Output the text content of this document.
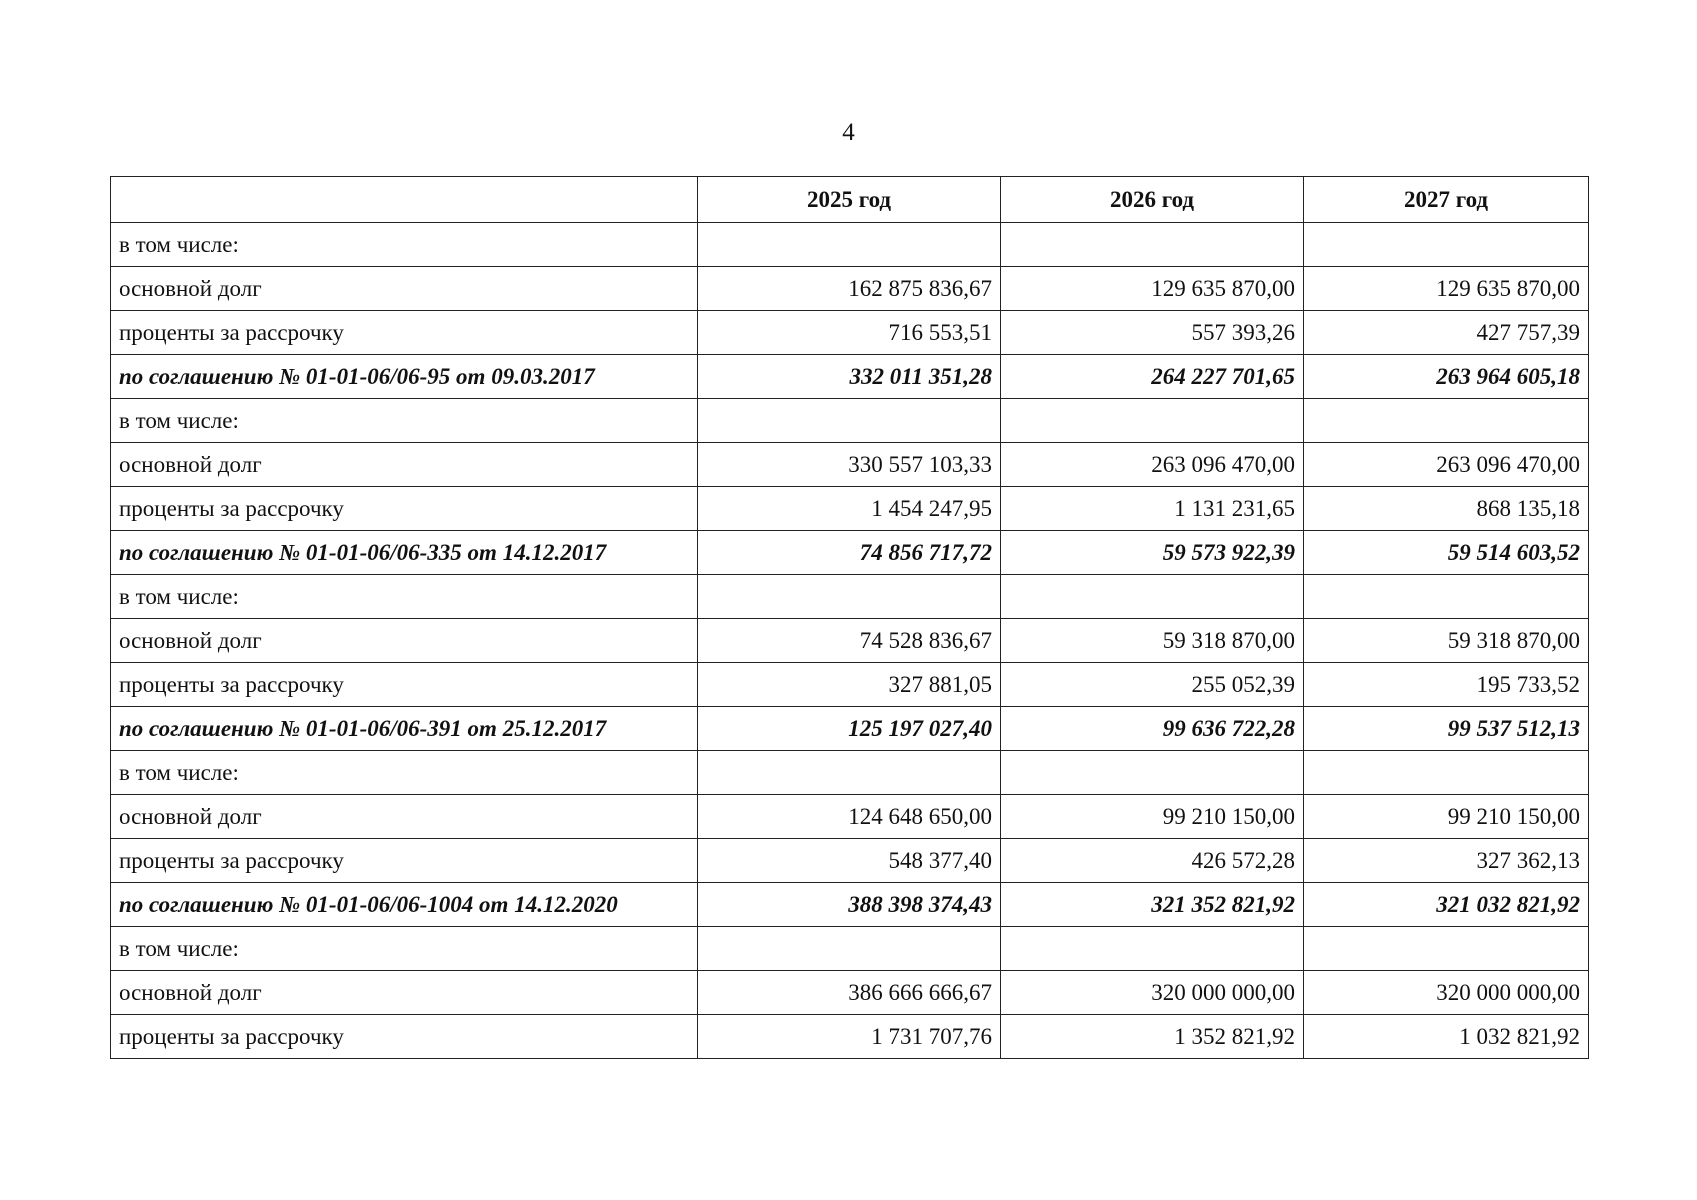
4
	2025 год	2026 год	2027 год
в том числе:			
основной долг	162 875 836,67	129 635 870,00	129 635 870,00
проценты за рассрочку	716 553,51	557 393,26	427 757,39
по соглашению № 01-01-06/06-95 от 09.03.2017	332 011 351,28	264 227 701,65	263 964 605,18
в том числе:			
основной долг	330 557 103,33	263 096 470,00	263 096 470,00
проценты за рассрочку	1 454 247,95	1 131 231,65	868 135,18
по соглашению № 01-01-06/06-335 от 14.12.2017	74 856 717,72	59 573 922,39	59 514 603,52
в том числе:			
основной долг	74 528 836,67	59 318 870,00	59 318 870,00
проценты за рассрочку	327 881,05	255 052,39	195 733,52
по соглашению № 01-01-06/06-391 от 25.12.2017	125 197 027,40	99 636 722,28	99 537 512,13
в том числе:			
основной долг	124 648 650,00	99 210 150,00	99 210 150,00
проценты за рассрочку	548 377,40	426 572,28	327 362,13
по соглашению № 01-01-06/06-1004 от 14.12.2020	388 398 374,43	321 352 821,92	321 032 821,92
в том числе:			
основной долг	386 666 666,67	320 000 000,00	320 000 000,00
проценты за рассрочку	1 731 707,76	1 352 821,92	1 032 821,92
